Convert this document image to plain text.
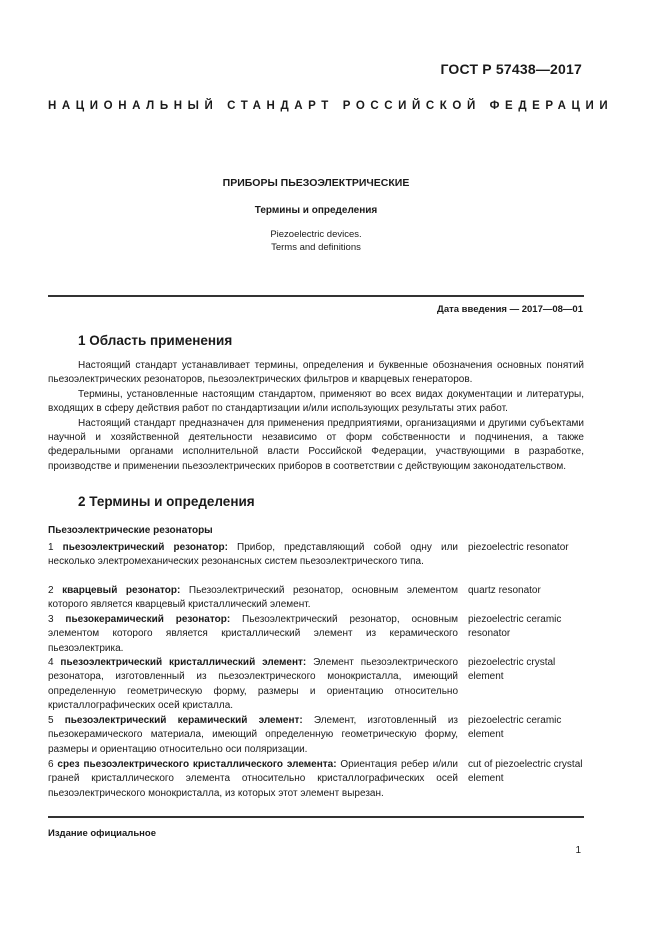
ГОСТ Р 57438—2017
НАЦИОНАЛЬНЫЙ СТАНДАРТ РОССИЙСКОЙ ФЕДЕРАЦИИ
ПРИБОРЫ ПЬЕЗОЭЛЕКТРИЧЕСКИЕ
Термины и определения
Piezoelectric devices.
Terms and definitions
Дата введения — 2017—08—01
1 Область применения

Настоящий стандарт устанавливает термины, определения и буквенные обозначения основных понятий пьезоэлектрических резонаторов, пьезоэлектрических фильтров и кварцевых генераторов.

Термины, установленные настоящим стандартом, применяют во всех видах документации и литературы, входящих в сферу действия работ по стандартизации и/или использующих результаты этих работ.

Настоящий стандарт предназначен для применения предприятиями, организациями и другими субъектами научной и хозяйственной деятельности независимо от форм собственности и подчинения, а также федеральными органами исполнительной власти Российской Федерации, участвующими в разработке, производстве и применении пьезоэлектрических приборов в соответствии с действующим законодательством.

2 Термины и определения
Пьезоэлектрические резонаторы
1 пьезоэлектрический резонатор: Прибор, представляющий собой одну или несколько электромеханических резонансных систем пьезоэлектрического типа.
piezoelectric resonator
2 кварцевый резонатор: Пьезоэлектрический резонатор, основным элементом которого является кварцевый кристаллический элемент.
quartz resonator
3 пьезокерамический резонатор: Пьезоэлектрический резонатор, основным элементом которого является кристаллический элемент из керамического пьезоэлектрика.
piezoelectric ceramic resonator
4 пьезоэлектрический кристаллический элемент: Элемент пьезоэлектрического резонатора, изготовленный из пьезоэлектрического монокристалла, имеющий определенную геометрическую форму, размеры и ориентацию относительно кристаллографических осей кристалла.
piezoelectric crystal element
5 пьезоэлектрический керамический элемент: Элемент, изготовленный из пьезокерамического материала, имеющий определенную геометрическую форму, размеры и ориентацию относительно оси поляризации.
piezoelectric ceramic element
6 срез пьезоэлектрического кристаллического элемента: Ориентация ребер и/или граней кристаллического элемента относительно кристаллографических осей пьезоэлектрического монокристалла, из которых этот элемент вырезан.
cut of piezoelectric crystal element
Издание официальное
1
